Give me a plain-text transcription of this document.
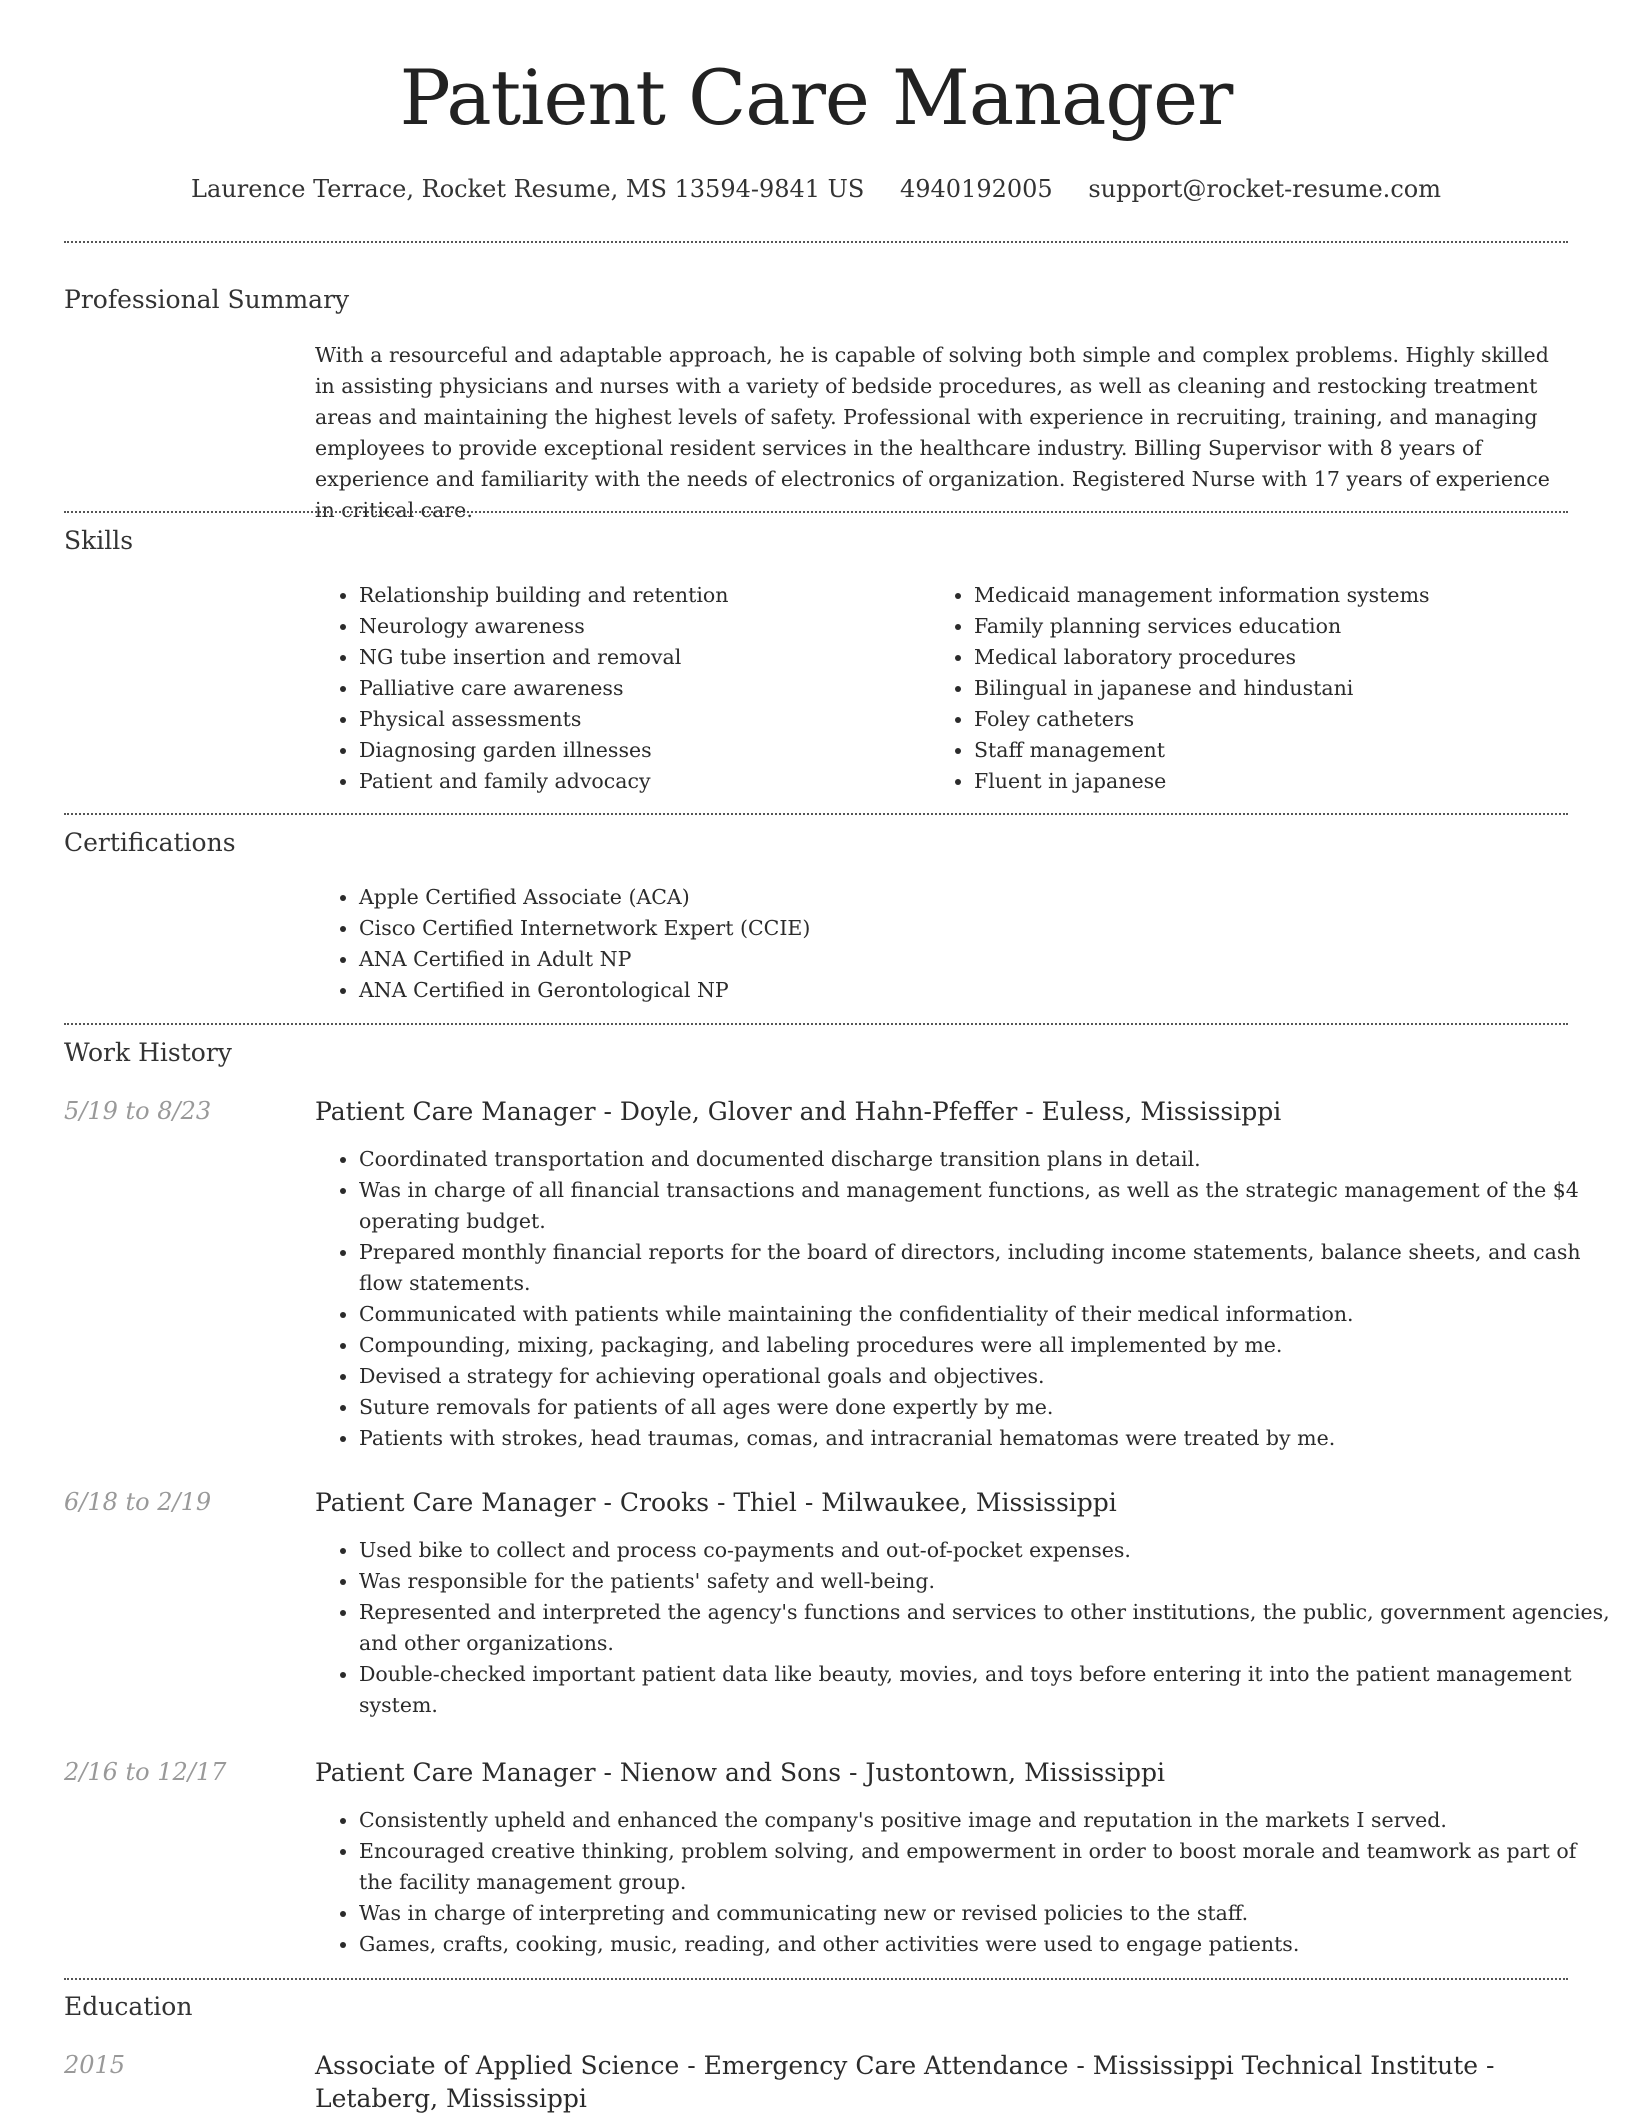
Patient Care Manager
Laurence Terrace, Rocket Resume, MS 13594-9841 US 4940192005 support@rocket-resume.com
Professional Summary
With a resourceful and adaptable approach, he is capable of solving both simple and complex problems. Highly skilled in assisting physicians and nurses with a variety of bedside procedures, as well as cleaning and restocking treatment areas and maintaining the highest levels of safety. Professional with experience in recruiting, training, and managing employees to provide exceptional resident services in the healthcare industry. Billing Supervisor with 8 years of experience and familiarity with the needs of electronics of organization. Registered Nurse with 17 years of experience in critical care.
Skills
• Relationship building and retention
• Neurology awareness
• NG tube insertion and removal
• Palliative care awareness
• Physical assessments
• Diagnosing garden illnesses
• Patient and family advocacy
• Medicaid management information systems
• Family planning services education
• Medical laboratory procedures
• Bilingual in japanese and hindustani
• Foley catheters
• Staff management
• Fluent in japanese
Certifications
• Apple Certified Associate (ACA)
• Cisco Certified Internetwork Expert (CCIE)
• ANA Certified in Adult NP
• ANA Certified in Gerontological NP
Work History
5/19 to 8/23	Patient Care Manager - Doyle, Glover and Hahn-Pfeffer - Euless, Mississippi
• Coordinated transportation and documented discharge transition plans in detail.
• Was in charge of all financial transactions and management functions, as well as the strategic management of the $4 operating budget.
• Prepared monthly financial reports for the board of directors, including income statements, balance sheets, and cash flow statements.
• Communicated with patients while maintaining the confidentiality of their medical information.
• Compounding, mixing, packaging, and labeling procedures were all implemented by me.
• Devised a strategy for achieving operational goals and objectives.
• Suture removals for patients of all ages were done expertly by me.
• Patients with strokes, head traumas, comas, and intracranial hematomas were treated by me.
6/18 to 2/19	Patient Care Manager - Crooks - Thiel - Milwaukee, Mississippi
• Used bike to collect and process co-payments and out-of-pocket expenses.
• Was responsible for the patients' safety and well-being.
• Represented and interpreted the agency's functions and services to other institutions, the public, government agencies, and other organizations.
• Double-checked important patient data like beauty, movies, and toys before entering it into the patient management system.
2/16 to 12/17	Patient Care Manager - Nienow and Sons - Justontown, Mississippi
• Consistently upheld and enhanced the company's positive image and reputation in the markets I served.
• Encouraged creative thinking, problem solving, and empowerment in order to boost morale and teamwork as part of the facility management group.
• Was in charge of interpreting and communicating new or revised policies to the staff.
• Games, crafts, cooking, music, reading, and other activities were used to engage patients.
Education
2015	Associate of Applied Science - Emergency Care Attendance - Mississippi Technical Institute - Letaberg, Mississippi
